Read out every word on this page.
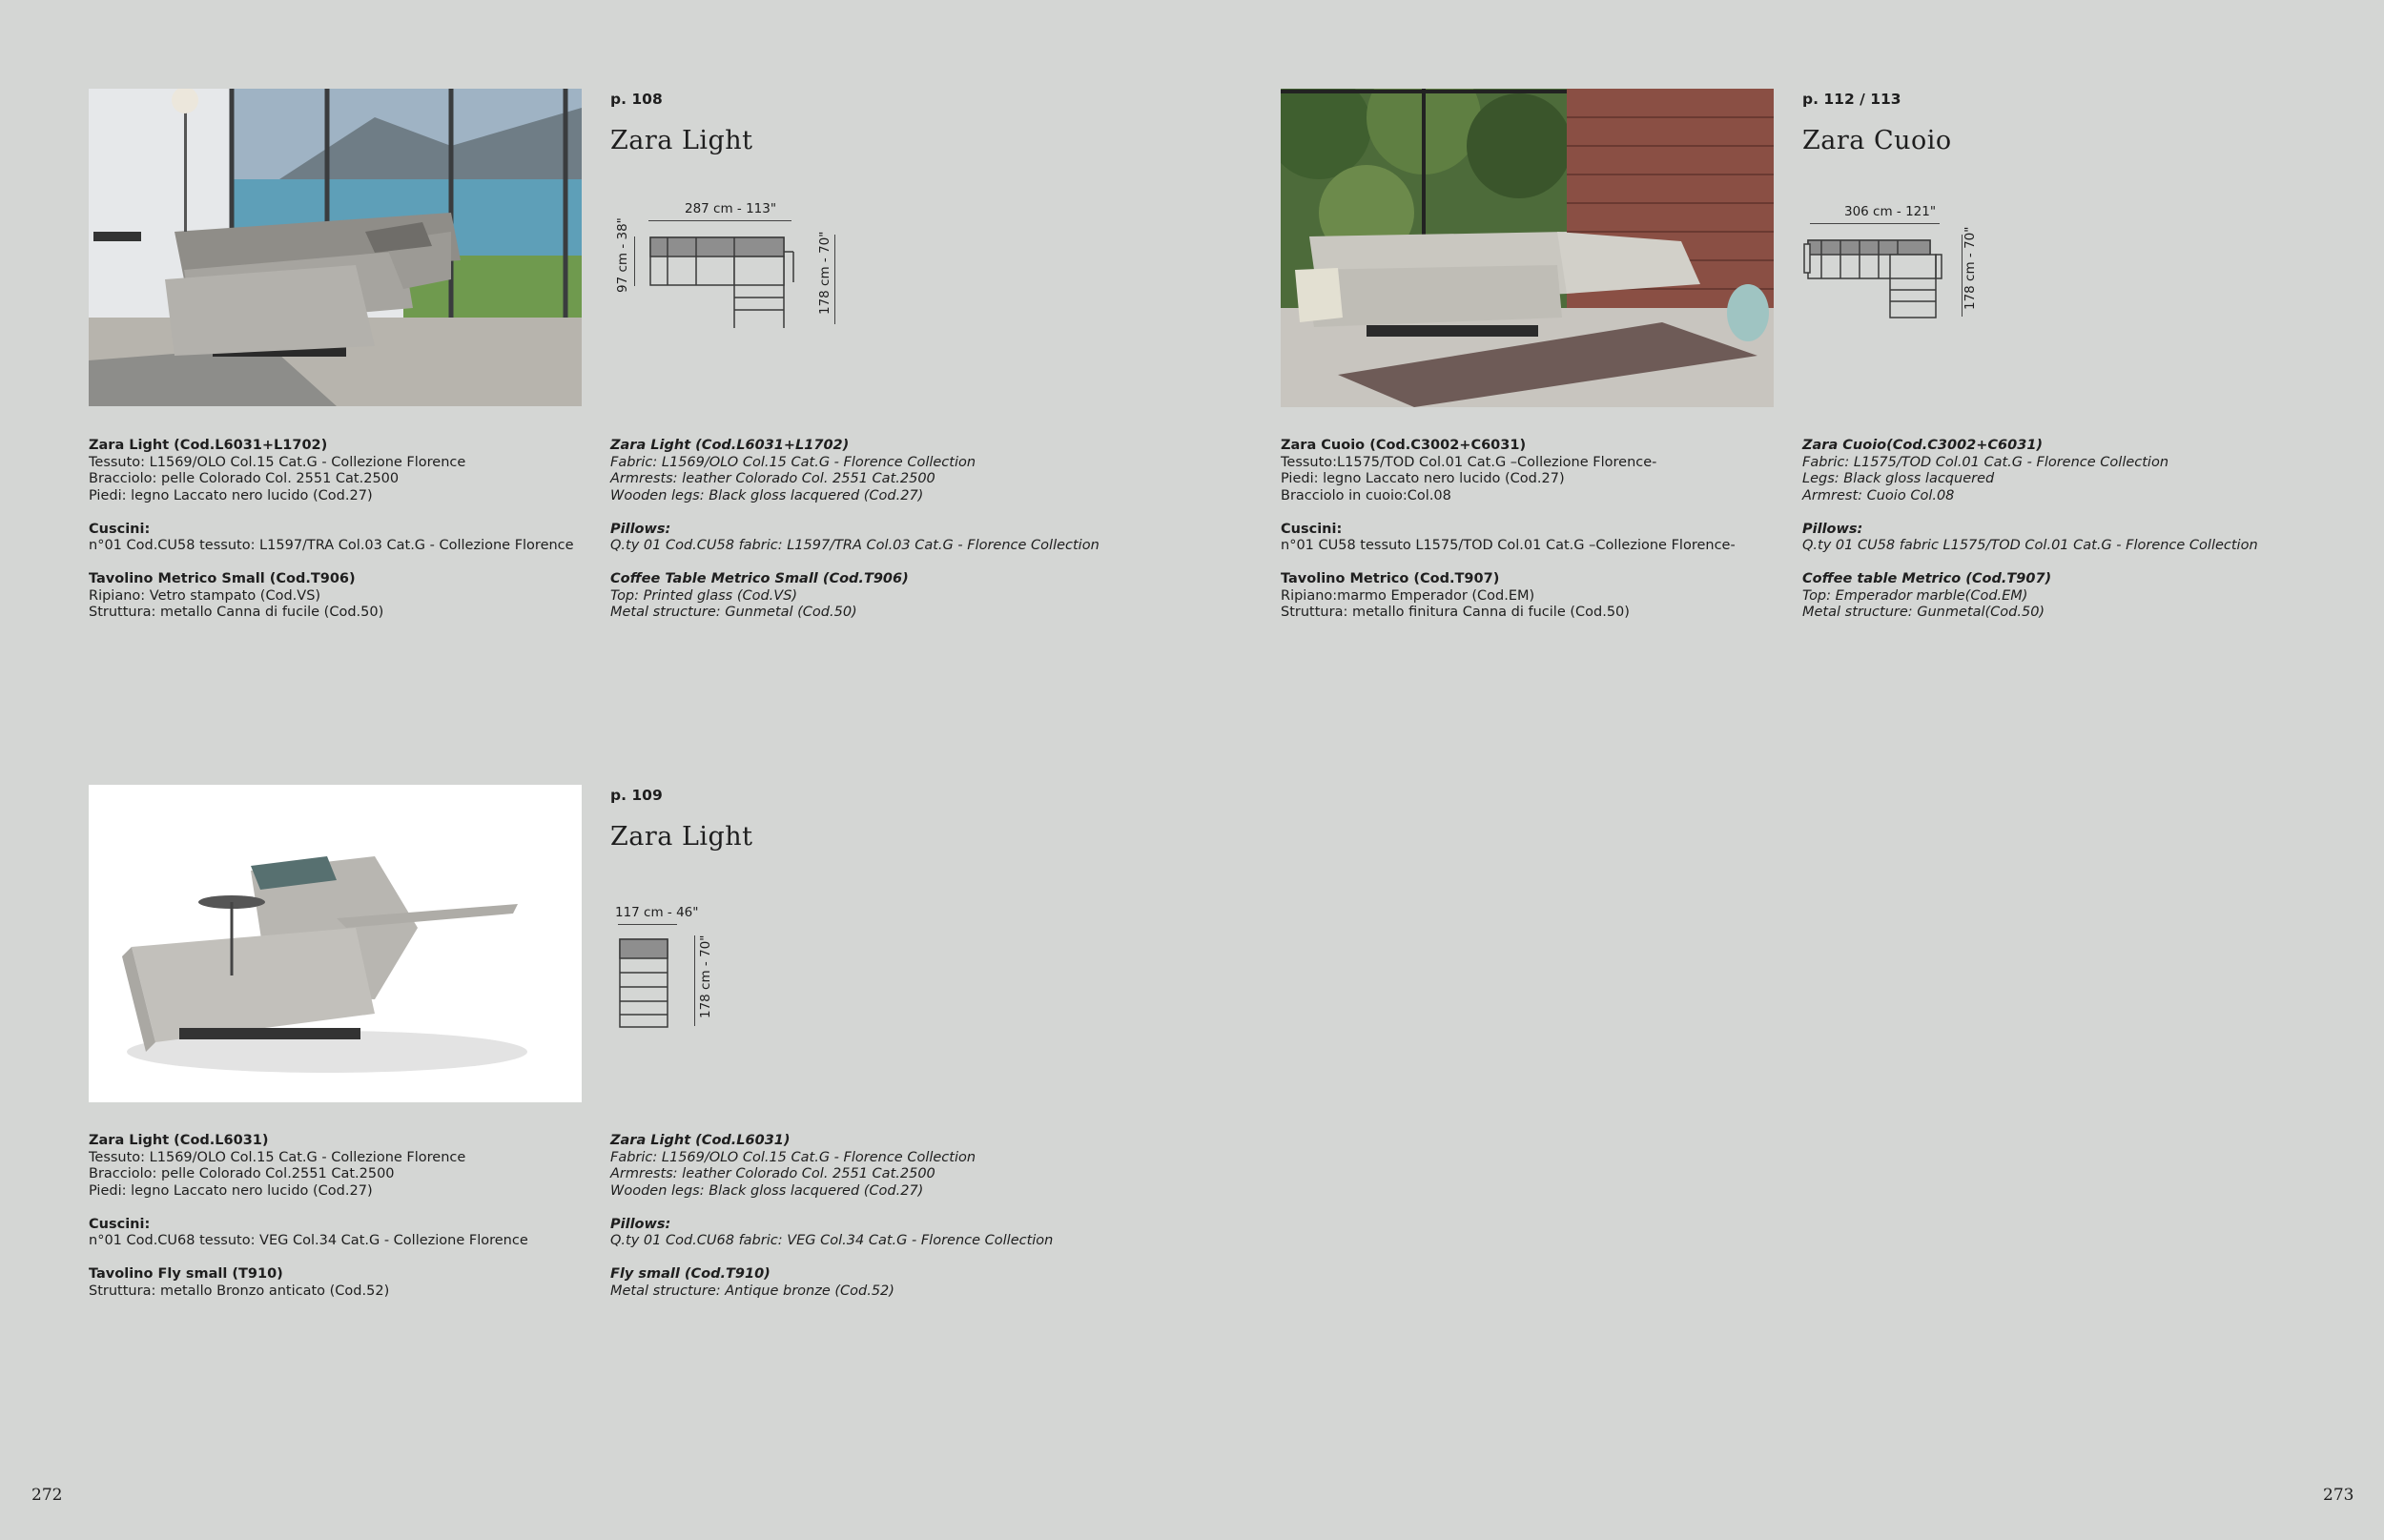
p. 108
Zara Light
287 cm - 113"
97 cm - 38"	178 cm - 70"

Zara Light (Cod.L6031+L1702)

Tessuto: L1569/OLO Col.15 Cat.G - Collezione Florence

Bracciolo: pelle Colorado Col. 2551 Cat.2500

Piedi: legno Laccato nero lucido (Cod.27)

Cuscini:

n°01 Cod.CU58 tessuto: L1597/TRA Col.03 Cat.G - Collezione Florence

Tavolino Metrico Small (Cod.T906)

Ripiano: Vetro stampato (Cod.VS)

Struttura: metallo Canna di fucile (Cod.50)

Zara Light (Cod.L6031+L1702)

Fabric: L1569/OLO Col.15 Cat.G - Florence Collection

Armrests: leather Colorado Col. 2551 Cat.2500

Wooden legs: Black gloss lacquered (Cod.27)

Pillows:

Q.ty 01 Cod.CU58 fabric: L1597/TRA Col.03 Cat.G - Florence Collection

Coffee Table Metrico Small (Cod.T906)

Top: Printed glass (Cod.VS)

Metal structure: Gunmetal (Cod.50)

p. 112 / 113
Zara Cuoio
306 cm - 121"
178 cm - 70"

Zara Cuoio (Cod.C3002+C6031)

Tessuto:L1575/TOD Col.01 Cat.G –Collezione Florence-

Piedi: legno Laccato nero lucido (Cod.27)

Bracciolo in cuoio:Col.08

Cuscini:

n°01 CU58 tessuto L1575/TOD Col.01 Cat.G –Collezione Florence-

Tavolino Metrico (Cod.T907)

Ripiano:marmo Emperador (Cod.EM)

Struttura: metallo finitura Canna di fucile (Cod.50)

Zara Cuoio(Cod.C3002+C6031)

Fabric: L1575/TOD Col.01 Cat.G - Florence Collection

Legs: Black gloss lacquered

Armrest: Cuoio Col.08

Pillows:

Q.ty 01 CU58 fabric L1575/TOD Col.01 Cat.G - Florence Collection

Coffee table Metrico (Cod.T907)

Top: Emperador marble(Cod.EM)

Metal structure: Gunmetal(Cod.50)

p. 109
Zara Light
117 cm - 46"
178 cm - 70"

Zara Light (Cod.L6031)

Tessuto: L1569/OLO Col.15 Cat.G - Collezione Florence

Bracciolo: pelle Colorado Col.2551 Cat.2500

Piedi: legno Laccato nero lucido (Cod.27)

Cuscini:

n°01 Cod.CU68 tessuto: VEG Col.34 Cat.G - Collezione Florence

Tavolino Fly small (T910)

Struttura: metallo Bronzo anticato (Cod.52)

Zara Light (Cod.L6031)

Fabric: L1569/OLO Col.15 Cat.G - Florence Collection

Armrests: leather Colorado Col. 2551 Cat.2500

Wooden legs: Black gloss lacquered (Cod.27)

Pillows:

Q.ty 01 Cod.CU68 fabric: VEG Col.34 Cat.G - Florence Collection

Fly small (Cod.T910)

Metal structure: Antique bronze (Cod.52)

272	273
